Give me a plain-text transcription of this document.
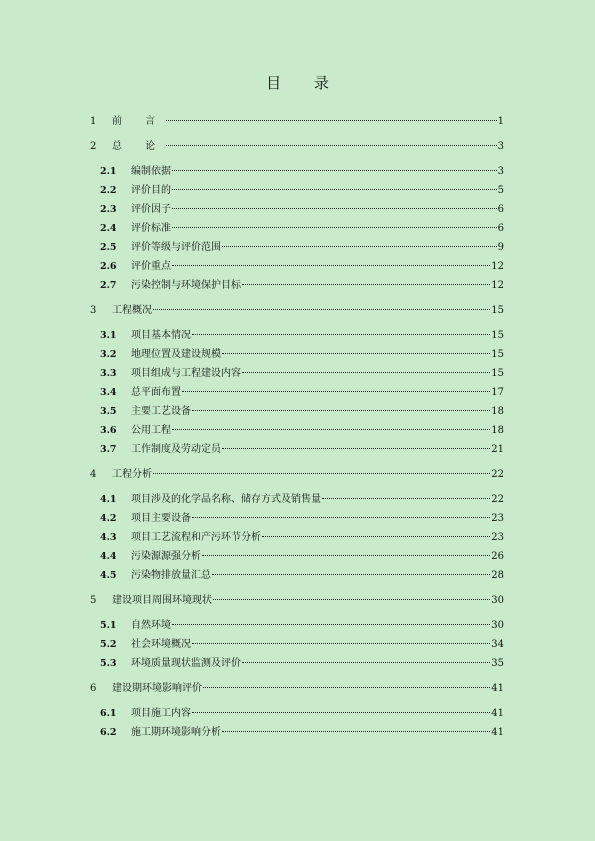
目 录
1	前 言	1
2	总 论	3
2.1	编制依据	3
2.2	评价目的	5
2.3	评价因子	6
2.4	评价标准	6
2.5	评价等级与评价范围	9
2.6	评价重点	12
2.7	污染控制与环境保护目标	12
3	工程概况	15
3.1	项目基本情况	15
3.2	地理位置及建设规模	15
3.3	项目组成与工程建设内容	15
3.4	总平面布置	17
3.5	主要工艺设备	18
3.6	公用工程	18
3.7	工作制度及劳动定员	21
4	工程分析	22
4.1	项目涉及的化学品名称、储存方式及销售量	22
4.2	项目主要设备	23
4.3	项目工艺流程和产污环节分析	23
4.4	污染源源强分析	26
4.5	污染物排放量汇总	28
5	建设项目周围环境现状	30
5.1	自然环境	30
5.2	社会环境概况	34
5.3	环境质量现状监测及评价	35
6	建设期环境影响评价	41
6.1	项目施工内容	41
6.2	施工期环境影响分析	41
